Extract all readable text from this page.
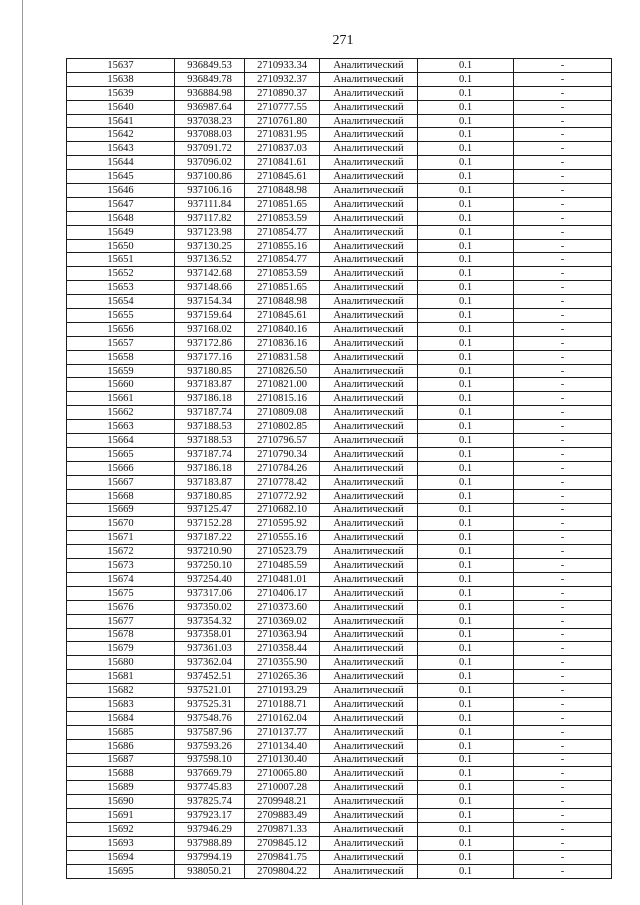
271
15637	936849.53	2710933.34	Аналитический	0.1	-
15638	936849.78	2710932.37	Аналитический	0.1	-
15639	936884.98	2710890.37	Аналитический	0.1	-
15640	936987.64	2710777.55	Аналитический	0.1	-
15641	937038.23	2710761.80	Аналитический	0.1	-
15642	937088.03	2710831.95	Аналитический	0.1	-
15643	937091.72	2710837.03	Аналитический	0.1	-
15644	937096.02	2710841.61	Аналитический	0.1	-
15645	937100.86	2710845.61	Аналитический	0.1	-
15646	937106.16	2710848.98	Аналитический	0.1	-
15647	937111.84	2710851.65	Аналитический	0.1	-
15648	937117.82	2710853.59	Аналитический	0.1	-
15649	937123.98	2710854.77	Аналитический	0.1	-
15650	937130.25	2710855.16	Аналитический	0.1	-
15651	937136.52	2710854.77	Аналитический	0.1	-
15652	937142.68	2710853.59	Аналитический	0.1	-
15653	937148.66	2710851.65	Аналитический	0.1	-
15654	937154.34	2710848.98	Аналитический	0.1	-
15655	937159.64	2710845.61	Аналитический	0.1	-
15656	937168.02	2710840.16	Аналитический	0.1	-
15657	937172.86	2710836.16	Аналитический	0.1	-
15658	937177.16	2710831.58	Аналитический	0.1	-
15659	937180.85	2710826.50	Аналитический	0.1	-
15660	937183.87	2710821.00	Аналитический	0.1	-
15661	937186.18	2710815.16	Аналитический	0.1	-
15662	937187.74	2710809.08	Аналитический	0.1	-
15663	937188.53	2710802.85	Аналитический	0.1	-
15664	937188.53	2710796.57	Аналитический	0.1	-
15665	937187.74	2710790.34	Аналитический	0.1	-
15666	937186.18	2710784.26	Аналитический	0.1	-
15667	937183.87	2710778.42	Аналитический	0.1	-
15668	937180.85	2710772.92	Аналитический	0.1	-
15669	937125.47	2710682.10	Аналитический	0.1	-
15670	937152.28	2710595.92	Аналитический	0.1	-
15671	937187.22	2710555.16	Аналитический	0.1	-
15672	937210.90	2710523.79	Аналитический	0.1	-
15673	937250.10	2710485.59	Аналитический	0.1	-
15674	937254.40	2710481.01	Аналитический	0.1	-
15675	937317.06	2710406.17	Аналитический	0.1	-
15676	937350.02	2710373.60	Аналитический	0.1	-
15677	937354.32	2710369.02	Аналитический	0.1	-
15678	937358.01	2710363.94	Аналитический	0.1	-
15679	937361.03	2710358.44	Аналитический	0.1	-
15680	937362.04	2710355.90	Аналитический	0.1	-
15681	937452.51	2710265.36	Аналитический	0.1	-
15682	937521.01	2710193.29	Аналитический	0.1	-
15683	937525.31	2710188.71	Аналитический	0.1	-
15684	937548.76	2710162.04	Аналитический	0.1	-
15685	937587.96	2710137.77	Аналитический	0.1	-
15686	937593.26	2710134.40	Аналитический	0.1	-
15687	937598.10	2710130.40	Аналитический	0.1	-
15688	937669.79	2710065.80	Аналитический	0.1	-
15689	937745.83	2710007.28	Аналитический	0.1	-
15690	937825.74	2709948.21	Аналитический	0.1	-
15691	937923.17	2709883.49	Аналитический	0.1	-
15692	937946.29	2709871.33	Аналитический	0.1	-
15693	937988.89	2709845.12	Аналитический	0.1	-
15694	937994.19	2709841.75	Аналитический	0.1	-
15695	938050.21	2709804.22	Аналитический	0.1	-
